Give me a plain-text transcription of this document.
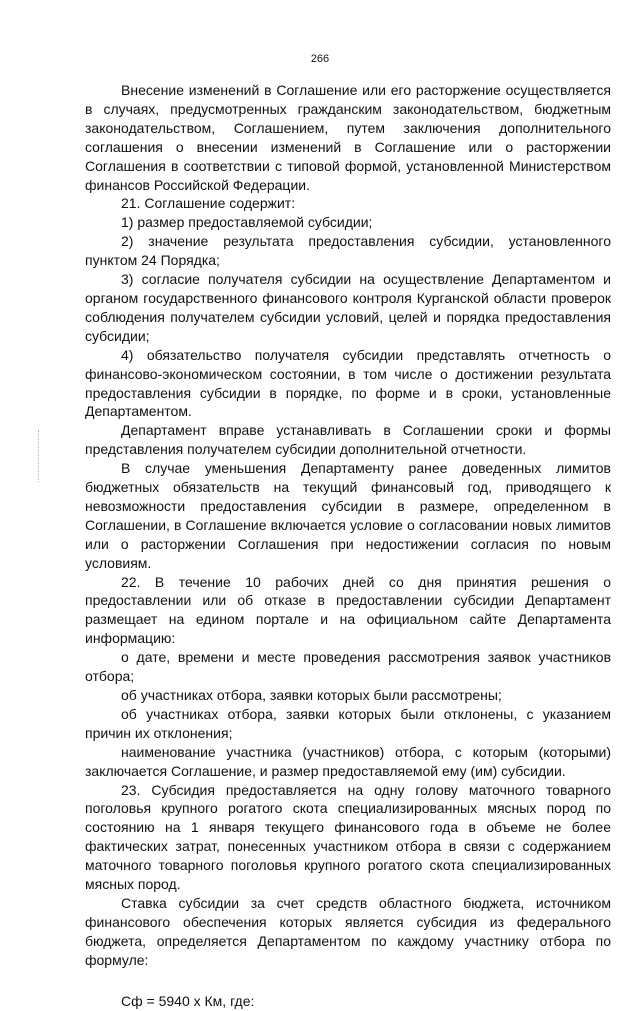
266

Внесение изменений в Соглашение или его расторжение осуществляется в случаях, предусмотренных гражданским законодательством, бюджетным законодательством, Соглашением, путем заключения дополнительного соглашения о внесении изменений в Соглашение или о расторжении Соглашения в соответствии с типовой формой, установленной Министерством финансов Российской Федерации.

21. Соглашение содержит:

1) размер предоставляемой субсидии;

2) значение результата предоставления субсидии, установленного пунктом 24 Порядка;

3) согласие получателя субсидии на осуществление Департаментом и органом государственного финансового контроля Курганской области проверок соблюдения получателем субсидии условий, целей и порядка предоставления субсидии;

4) обязательство получателя субсидии представлять отчетность о финансово-экономическом состоянии, в том числе о достижении результата предоставления субсидии в порядке, по форме и в сроки, установленные Департаментом.

Департамент вправе устанавливать в Соглашении сроки и формы представления получателем субсидии дополнительной отчетности.

В случае уменьшения Департаменту ранее доведенных лимитов бюджетных обязательств на текущий финансовый год, приводящего к невозможности предоставления субсидии в размере, определенном в Соглашении, в Соглашение включается условие о согласовании новых лимитов или о расторжении Соглашения при недостижении согласия по новым условиям.

22. В течение 10 рабочих дней со дня принятия решения о предоставлении или об отказе в предоставлении субсидии Департамент размещает на едином портале и на официальном сайте Департамента информацию:

о дате, времени и месте проведения рассмотрения заявок участников отбора;

об участниках отбора, заявки которых были рассмотрены;

об участниках отбора, заявки которых были отклонены, с указанием причин их отклонения;

наименование участника (участников) отбора, с которым (которыми) заключается Соглашение, и размер предоставляемой ему (им) субсидии.

23. Субсидия предоставляется на одну голову маточного товарного поголовья крупного рогатого скота специализированных мясных пород по состоянию на 1 января текущего финансового года в объеме не более фактических затрат, понесенных участником отбора в связи с содержанием маточного товарного поголовья крупного рогатого скота специализированных мясных пород.

Ставка субсидии за счет средств областного бюджета, источником финансового обеспечения которых является субсидия из федерального бюджета, определяется Департаментом по каждому участнику отбора по формуле:

Сф = 5940 х Км, где:
